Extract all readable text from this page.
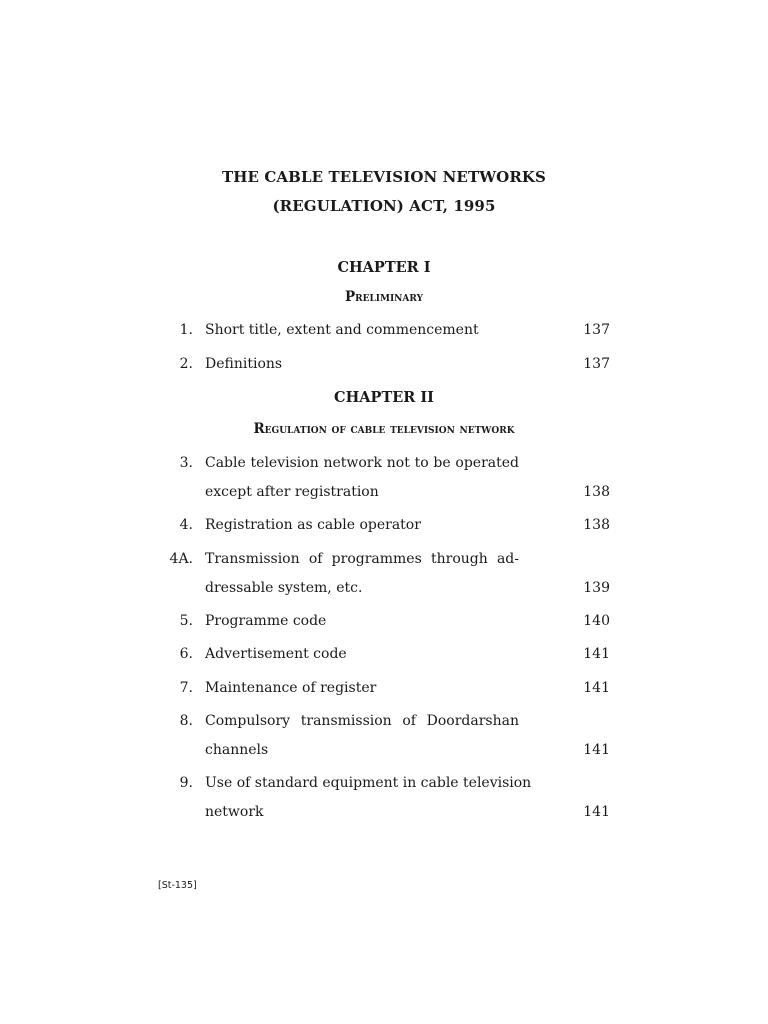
THE CABLE TELEVISION NETWORKS
(REGULATION) ACT, 1995
CHAPTER I
Preliminary
1. Short title, extent and commencement	137
2. Definitions	137
CHAPTER II
Regulation of cable television network
3. Cable television network not to be operated
except after registration	138
4. Registration as cable operator	138
4A. Transmission of programmes through ad-
dressable system, etc.	139
5. Programme code	140
6. Advertisement code	141
7. Maintenance of register	141
8. Compulsory transmission of Doordarshan
channels	141
9. Use of standard equipment in cable television
network	141
[St-135]
